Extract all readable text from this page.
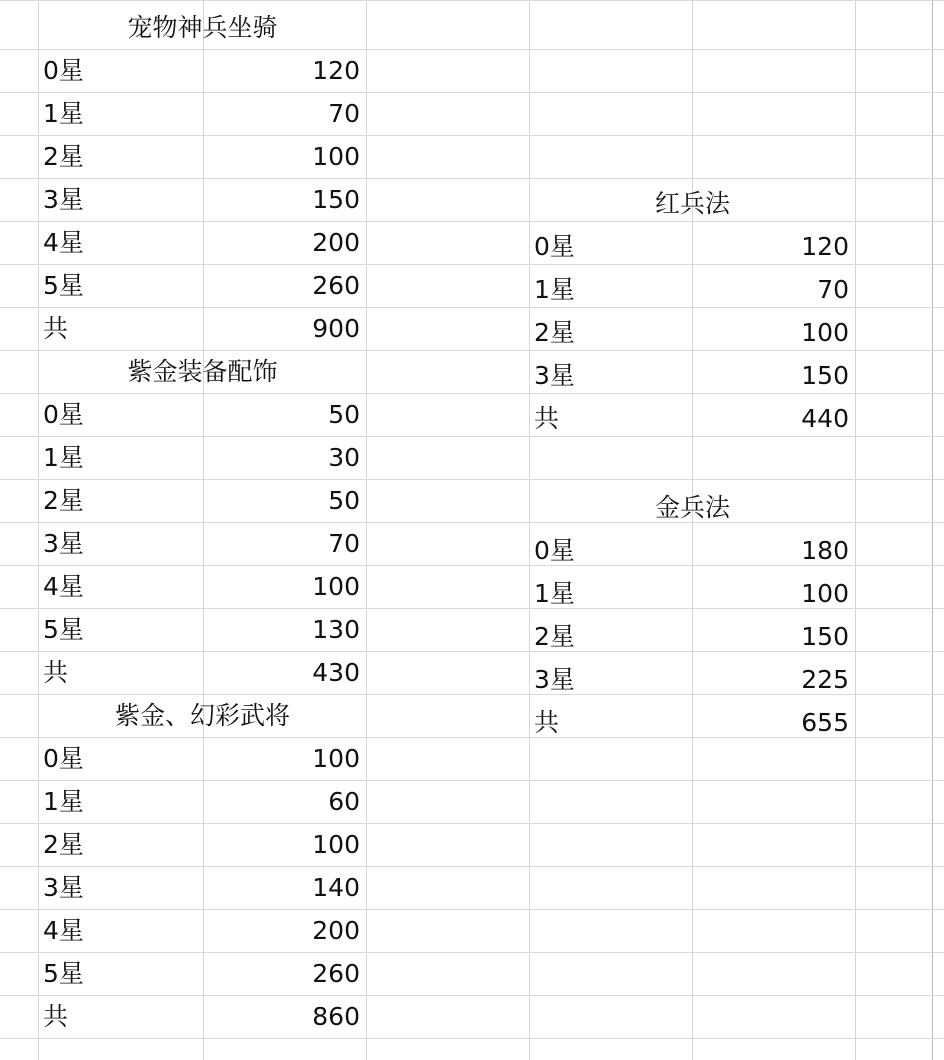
宠物神兵坐骑
0星	120
1星	70
2星	100
3星	150
4星	200
5星	260
共	900
紫金装备配饰
0星	50
1星	30
2星	50
3星	70
4星	100
5星	130
共	430
紫金、幻彩武将
0星	100
1星	60
2星	100
3星	140
4星	200
5星	260
共	860
红兵法
0星	120
1星	70
2星	100
3星	150
共	440
金兵法
0星	180
1星	100
2星	150
3星	225
共	655
